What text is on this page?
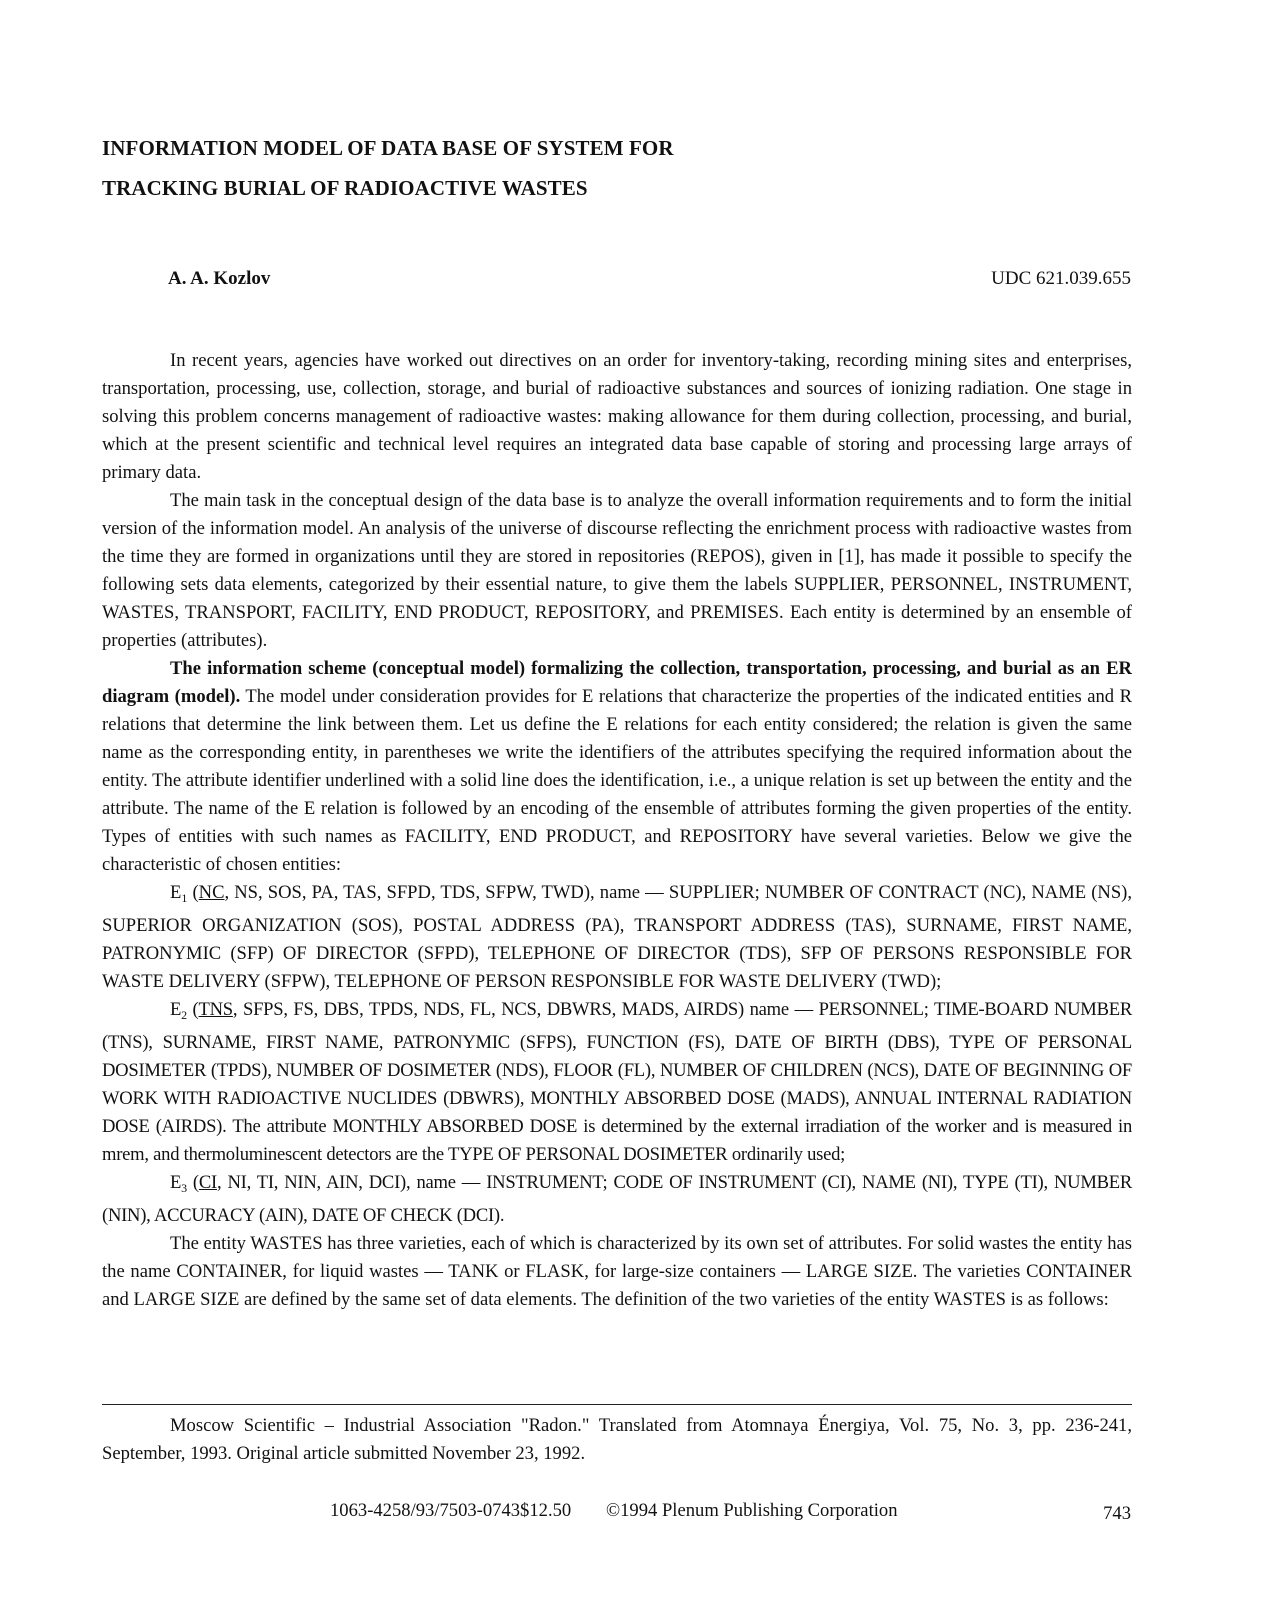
INFORMATION MODEL OF DATA BASE OF SYSTEM FOR
TRACKING BURIAL OF RADIOACTIVE WASTES
A. A. Kozlov	UDC 621.039.655

In recent years, agencies have worked out directives on an order for inventory-taking, recording mining sites and enterprises, transportation, processing, use, collection, storage, and burial of radioactive substances and sources of ionizing radiation. One stage in solving this problem concerns management of radioactive wastes: making allowance for them during collection, processing, and burial, which at the present scientific and technical level requires an integrated data base capable of storing and processing large arrays of primary data.

The main task in the conceptual design of the data base is to analyze the overall information requirements and to form the initial version of the information model. An analysis of the universe of discourse reflecting the enrichment process with radioactive wastes from the time they are formed in organizations until they are stored in repositories (REPOS), given in [1], has made it possible to specify the following sets data elements, categorized by their essential nature, to give them the labels SUPPLIER, PERSONNEL, INSTRUMENT, WASTES, TRANSPORT, FACILITY, END PRODUCT, REPOSITORY, and PREMISES. Each entity is determined by an ensemble of properties (attributes).

The information scheme (conceptual model) formalizing the collection, transportation, processing, and burial as an ER diagram (model). The model under consideration provides for E relations that characterize the properties of the indicated entities and R relations that determine the link between them. Let us define the E relations for each entity considered; the relation is given the same name as the corresponding entity, in parentheses we write the identifiers of the attributes specifying the required information about the entity. The attribute identifier underlined with a solid line does the identification, i.e., a unique relation is set up between the entity and the attribute. The name of the E relation is followed by an encoding of the ensemble of attributes forming the given properties of the entity. Types of entities with such names as FACILITY, END PRODUCT, and REPOSITORY have several varieties. Below we give the characteristic of chosen entities:

$E_1$ (NC, NS, SOS, PA, TAS, SFPD, TDS, SFPW, TWD), name — SUPPLIER; NUMBER OF CONTRACT (NC), NAME (NS), SUPERIOR ORGANIZATION (SOS), POSTAL ADDRESS (PA), TRANSPORT ADDRESS (TAS), SURNAME, FIRST NAME, PATRONYMIC (SFP) OF DIRECTOR (SFPD), TELEPHONE OF DIRECTOR (TDS), SFP OF PERSONS RESPONSIBLE FOR WASTE DELIVERY (SFPW), TELEPHONE OF PERSON RESPONSIBLE FOR WASTE DELIVERY (TWD);

$E_2$ (TNS, SFPS, FS, DBS, TPDS, NDS, FL, NCS, DBWRS, MADS, AIRDS) name — PERSONNEL; TIME-BOARD NUMBER (TNS), SURNAME, FIRST NAME, PATRONYMIC (SFPS), FUNCTION (FS), DATE OF BIRTH (DBS), TYPE OF PERSONAL DOSIMETER (TPDS), NUMBER OF DOSIMETER (NDS), FLOOR (FL), NUMBER OF CHILDREN (NCS), DATE OF BEGINNING OF WORK WITH RADIOACTIVE NUCLIDES (DBWRS), MONTHLY ABSORBED DOSE (MADS), ANNUAL INTERNAL RADIATION DOSE (AIRDS). The attribute MONTHLY ABSORBED DOSE is determined by the external irradiation of the worker and is measured in mrem, and thermoluminescent detectors are the TYPE OF PERSONAL DOSIMETER ordinarily used;

$E_3$ (CI, NI, TI, NIN, AIN, DCI), name — INSTRUMENT; CODE OF INSTRUMENT (CI), NAME (NI), TYPE (TI), NUMBER (NIN), ACCURACY (AIN), DATE OF CHECK (DCI).

The entity WASTES has three varieties, each of which is characterized by its own set of attributes. For solid wastes the entity has the name CONTAINER, for liquid wastes — TANK or FLASK, for large-size containers — LARGE SIZE. The varieties CONTAINER and LARGE SIZE are defined by the same set of data elements. The definition of the two varieties of the entity WASTES is as follows:

Moscow Scientific – Industrial Association "Radon." Translated from Atomnaya Énergiya, Vol. 75, No. 3, pp. 236-241, September, 1993. Original article submitted November 23, 1992.

1063-4258/93/7503-0743$12.50 ©1994 Plenum Publishing Corporation	743
